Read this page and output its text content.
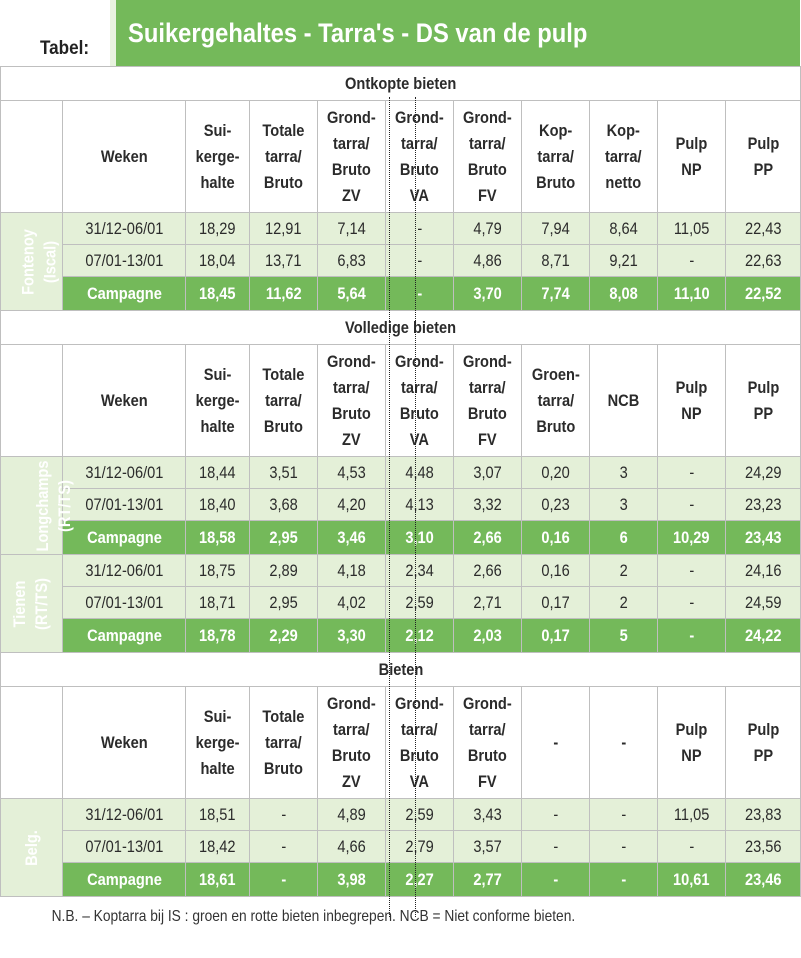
Tabel:
Suikergehaltes - Tarra's - DS van de pulp
Ontkopte bieten										
	Weken	Sui-
kerge-
halte	Totale
tarra/
Bruto	Grond-
tarra/
Bruto
ZV	Grond-
tarra/
Bruto
VA	Grond-
tarra/
Bruto
FV	Kop-
tarra/
Bruto	Kop-
tarra/
netto	Pulp
NP	Pulp
PP
Fontenoy (Iscal)	31/12-06/01	18,29	12,91	7,14	-	4,79	7,94	8,64	11,05	22,43
	07/01-13/01	18,04	13,71	6,83	-	4,86	8,71	9,21	-	22,63
	Campagne	18,45	11,62	5,64	-	3,70	7,74	8,08	11,10	22,52
Volledige bieten										
	Weken	Sui-
kerge-
halte	Totale
tarra/
Bruto	Grond-
tarra/
Bruto
ZV	Grond-
tarra/
Bruto
VA	Grond-
tarra/
Bruto
FV	Groen-
tarra/
Bruto	NCB	Pulp
NP	Pulp
PP
Longchamps (RT/TS)	31/12-06/01	18,44	3,51	4,53	4,48	3,07	0,20	3	-	24,29
	07/01-13/01	18,40	3,68	4,20	4,13	3,32	0,23	3	-	23,23
	Campagne	18,58	2,95	3,46	3,10	2,66	0,16	6	10,29	23,43
Tienen (RT/TS)	31/12-06/01	18,75	2,89	4,18	2,34	2,66	0,16	2	-	24,16
	07/01-13/01	18,71	2,95	4,02	2,59	2,71	0,17	2	-	24,59
	Campagne	18,78	2,29	3,30	2,12	2,03	0,17	5	-	24,22
Bieten										
	Weken	Sui-
kerge-
halte	Totale
tarra/
Bruto	Grond-
tarra/
Bruto
ZV	Grond-
tarra/
Bruto
VA	Grond-
tarra/
Bruto
FV	-	-	Pulp
NP	Pulp
PP
Belg.	31/12-06/01	18,51	-	4,89	2,59	3,43	-	-	11,05	23,83
	07/01-13/01	18,42	-	4,66	2,79	3,57	-	-	-	23,56
	Campagne	18,61	-	3,98	2,27	2,77	-	-	10,61	23,46
N.B. – Koptarra bij IS : groen en rotte bieten inbegrepen. NCB = Niet conforme bieten.										
